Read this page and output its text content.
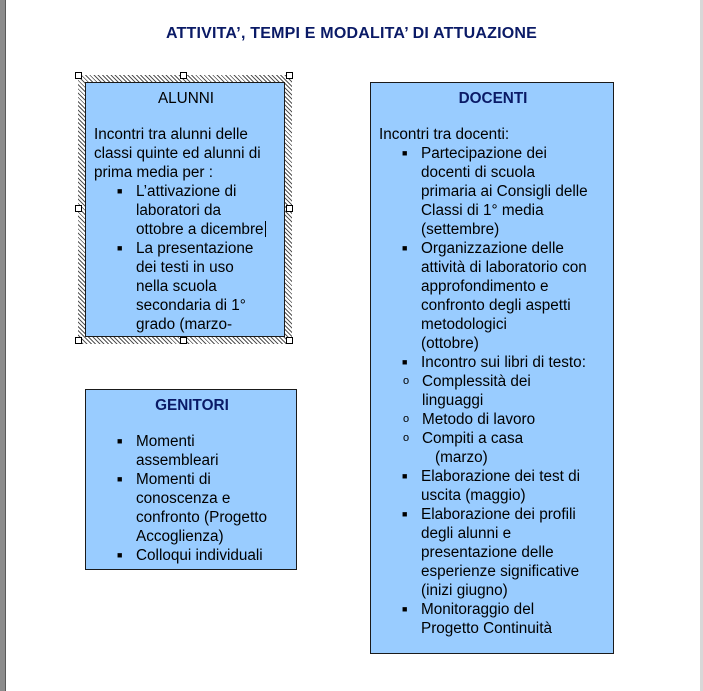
ATTIVITA’, TEMPI E MODALITA’ DI ATTUAZIONE
ALUNNI
Incontri tra alunni delle classi quinte ed alunni di prima media per :
■ L’attivazione di
laboratori da
ottobre a dicembre
■ La presentazione
dei testi in uso
nella scuola
secondaria di 1°
grado (marzo-
GENITORI
■ Momenti
assembleari
■ Momenti di
conoscenza e
confronto (Progetto
Accoglienza)
■ Colloqui individuali
DOCENTI
Incontri tra docenti:
■ Partecipazione dei
docenti di scuola
primaria ai Consigli delle
Classi di 1° media
(settembre)
■ Organizzazione delle
attività di laboratorio con
approfondimento e
confronto degli aspetti
metodologici
(ottobre)
■ Incontro sui libri di testo:
o Complessità dei
linguaggi
o Metodo di lavoro
o Compiti a casa
(marzo)
■ Elaborazione dei test di
uscita (maggio)
■ Elaborazione dei profili
degli alunni e
presentazione delle
esperienze significative
(inizi giugno)
■ Monitoraggio del
Progetto Continuità
